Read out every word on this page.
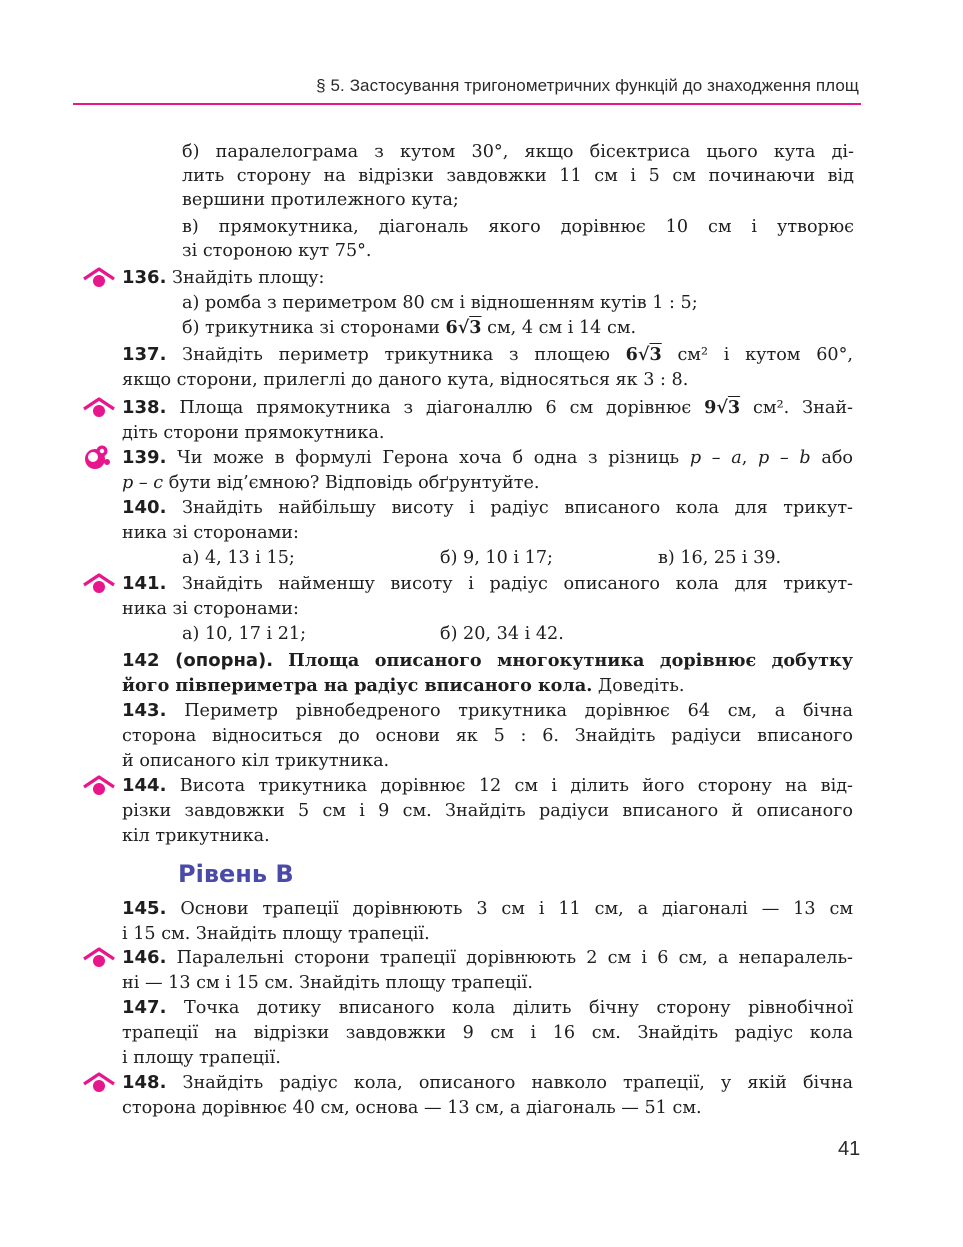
§ 5. Застосування тригонометричних функцій до знаходження площ
б) паралелограма з кутом 30°, якщо бісектриса цього кута ді-
лить сторону на відрізки завдовжки 11 см і 5 см починаючи від
вершини протилежного кута;
в) прямокутника, діагональ якого дорівнює 10 см і утворює
зі стороною кут 75°.
136. Знайдіть площу:
а) ромба з периметром 80 см і відношенням кутів 1 : 5;
б) трикутника зі сторонами 6√3 см, 4 см і 14 см.
137. Знайдіть периметр трикутника з площею 6√3 см² і кутом 60°,
якщо сторони, прилеглі до даного кута, відносяться як 3 : 8.
138. Площа прямокутника з діагоналлю 6 см дорівнює 9√3 см². Знай-
діть сторони прямокутника.
139. Чи може в формулі Герона хоча б одна з різниць p – a, p – b або
p – c бути від’ємною? Відповідь обґрунтуйте.
140. Знайдіть найбільшу висоту і радіус вписаного кола для трикут-
ника зі сторонами:
а) 4, 13 і 15;	б) 9, 10 і 17;	в) 16, 25 і 39.
141. Знайдіть найменшу висоту і радіус описаного кола для трикут-
ника зі сторонами:
а) 10, 17 і 21;	б) 20, 34 і 42.
142 (опорна). Площа описаного многокутника дорівнює добутку
його півпериметра на радіус вписаного кола. Доведіть.
143. Периметр рівнобедреного трикутника дорівнює 64 см, а бічна
сторона відноситься до основи як 5 : 6. Знайдіть радіуси вписаного
й описаного кіл трикутника.
144. Висота трикутника дорівнює 12 см і ділить його сторону на від-
різки завдовжки 5 см і 9 см. Знайдіть радіуси вписаного й описаного
кіл трикутника.
Рівень В
145. Основи трапеції дорівнюють 3 см і 11 см, а діагоналі — 13 см
і 15 см. Знайдіть площу трапеції.
146. Паралельні сторони трапеції дорівнюють 2 см і 6 см, а непаралель-
ні — 13 см і 15 см. Знайдіть площу трапеції.
147. Точка дотику вписаного кола ділить бічну сторону рівнобічної
трапеції на відрізки завдовжки 9 см і 16 см. Знайдіть радіус кола
і площу трапеції.
148. Знайдіть радіус кола, описаного навколо трапеції, у якій бічна
сторона дорівнює 40 см, основа — 13 см, а діагональ — 51 см.
41
